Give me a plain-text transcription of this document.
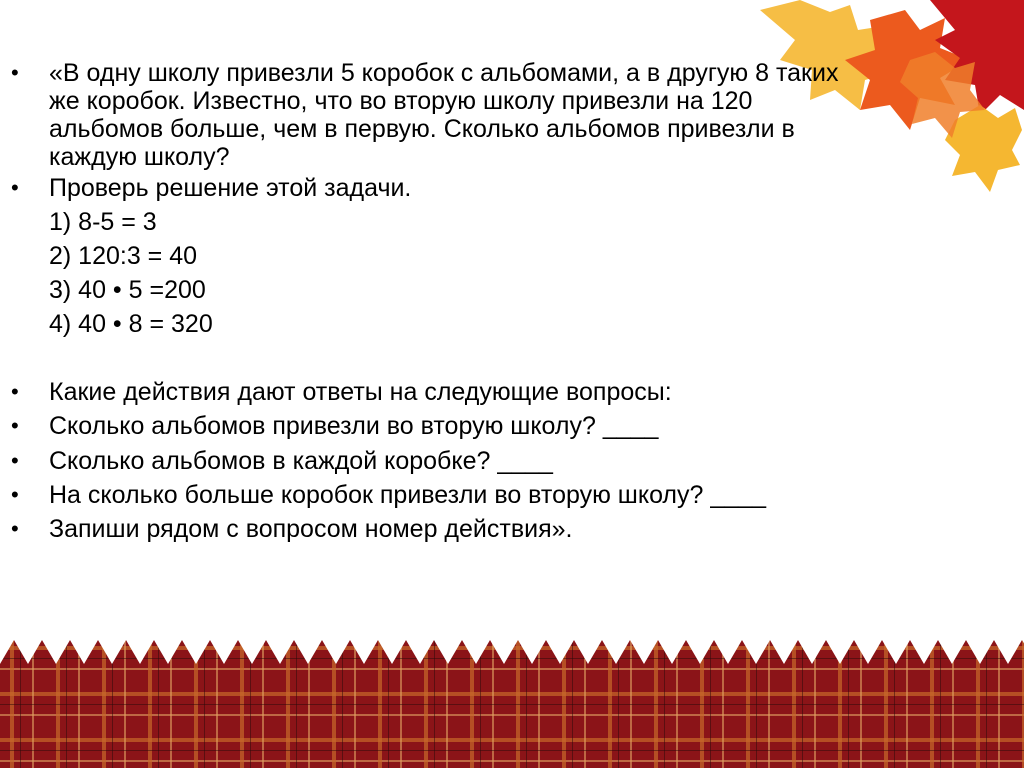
• «В одну школу привезли 5 коробок с альбомами, а в другую 8 таких
же коробок. Известно, что во вторую школу привезли на 120
альбомов больше, чем в первую. Сколько альбомов привезли в
каждую школу?
• Проверь решение этой задачи.
1) 8-5 = 3
2) 120:3 = 40
3) 40 • 5 =200
4) 40 • 8 = 320
• Какие действия дают ответы на следующие вопросы:
• Сколько альбомов привезли во вторую школу? ____
• Сколько альбомов в каждой коробке? ____
• На сколько больше коробок привезли во вторую школу? ____
• Запиши рядом с вопросом номер действия».
